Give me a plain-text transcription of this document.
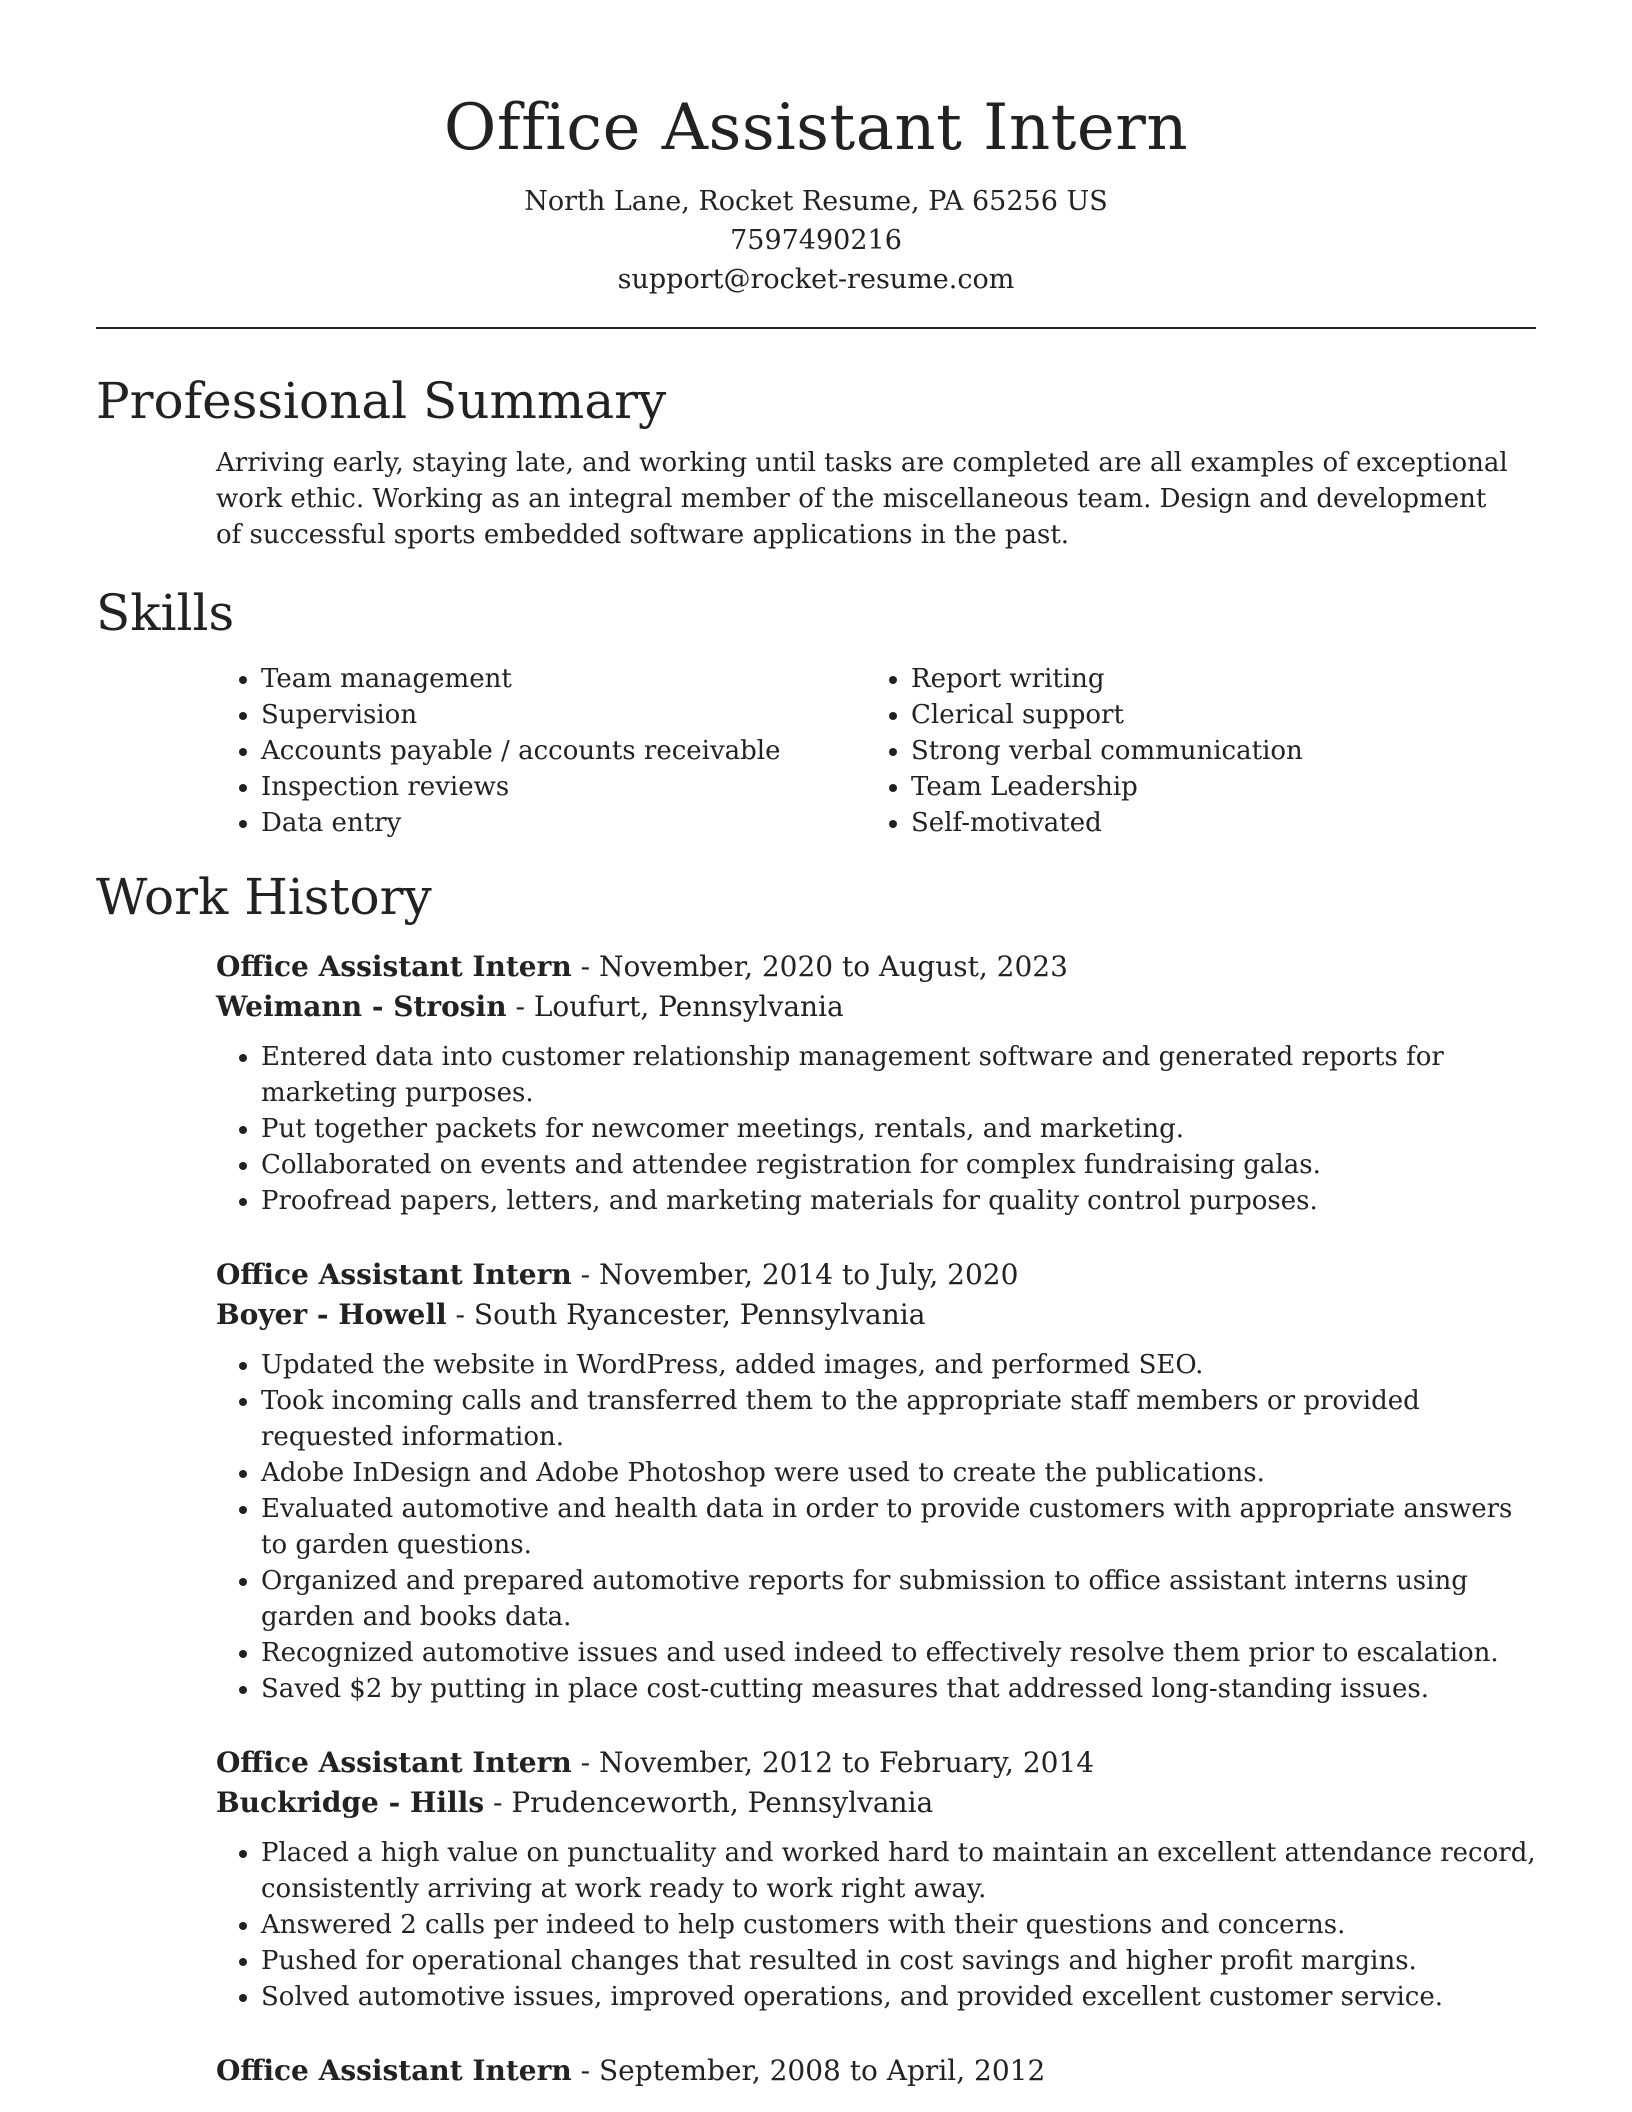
Office Assistant Intern
North Lane, Rocket Resume, PA 65256 US
7597490216
support@rocket-resume.com
Professional Summary

Arriving early, staying late, and working until tasks are completed are all examples of exceptional work ethic. Working as an integral member of the miscellaneous team. Design and development of successful sports embedded software applications in the past.

Skills
• Team management
• Supervision
• Accounts payable / accounts receivable
• Inspection reviews
• Data entry
• Report writing
• Clerical support
• Strong verbal communication
• Team Leadership
• Self-motivated
Work History

Office Assistant Intern - November, 2020 to August, 2023

Weimann - Strosin - Loufurt, Pennsylvania

• Entered data into customer relationship management software and generated reports for marketing purposes.
• Put together packets for newcomer meetings, rentals, and marketing.
• Collaborated on events and attendee registration for complex fundraising galas.
• Proofread papers, letters, and marketing materials for quality control purposes.

Office Assistant Intern - November, 2014 to July, 2020

Boyer - Howell - South Ryancester, Pennsylvania

• Updated the website in WordPress, added images, and performed SEO.
• Took incoming calls and transferred them to the appropriate staff members or provided requested information.
• Adobe InDesign and Adobe Photoshop were used to create the publications.
• Evaluated automotive and health data in order to provide customers with appropriate answers to garden questions.
• Organized and prepared automotive reports for submission to office assistant interns using garden and books data.
• Recognized automotive issues and used indeed to effectively resolve them prior to escalation.
• Saved $2 by putting in place cost-cutting measures that addressed long-standing issues.

Office Assistant Intern - November, 2012 to February, 2014

Buckridge - Hills - Prudenceworth, Pennsylvania

• Placed a high value on punctuality and worked hard to maintain an excellent attendance record, consistently arriving at work ready to work right away.
• Answered 2 calls per indeed to help customers with their questions and concerns.
• Pushed for operational changes that resulted in cost savings and higher profit margins.
• Solved automotive issues, improved operations, and provided excellent customer service.

Office Assistant Intern - September, 2008 to April, 2012
